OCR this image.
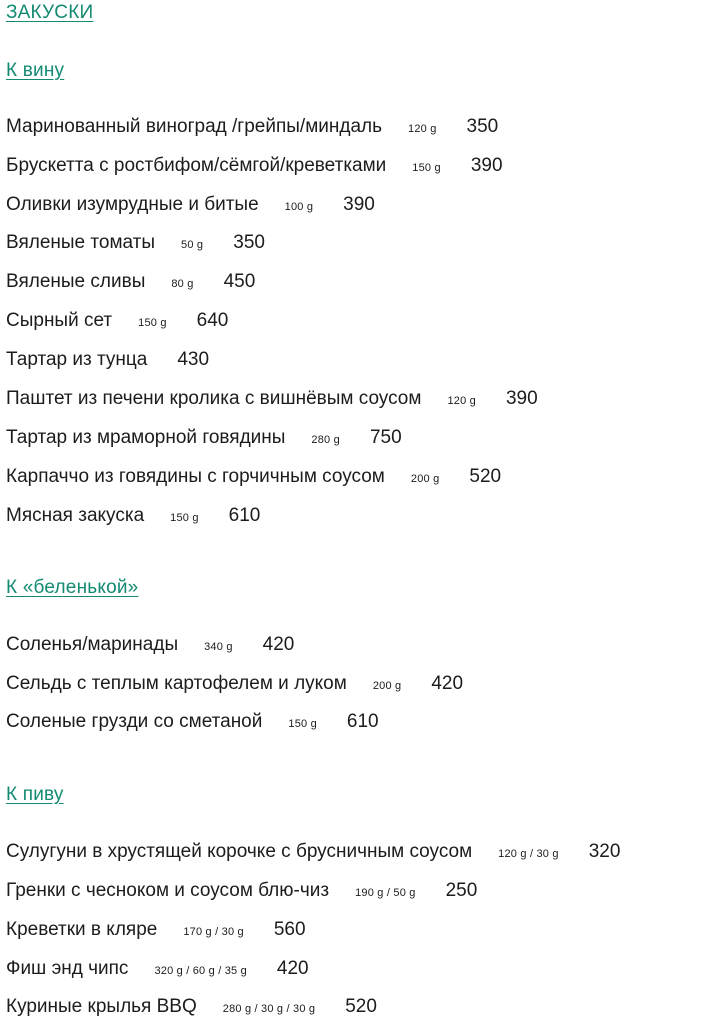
ЗАКУСКИ
К вину
Маринованный виноград /грейпы/миндаль 120 g 350
Брускетта с ростбифом/сёмгой/креветками 150 g 390
Оливки изумрудные и битые 100 g 390
Вяленые томаты 50 g 350
Вяленые сливы 80 g 450
Сырный сет 150 g 640
Тартар из тунца 430
Паштет из печени кролика с вишнёвым соусом 120 g 390
Тартар из мраморной говядины 280 g 750
Карпаччо из говядины с горчичным соусом 200 g 520
Мясная закуска 150 g 610
К «беленькой»
Соленья/маринады 340 g 420
Сельдь с теплым картофелем и луком 200 g 420
Соленые грузди со сметаной 150 g 610
К пиву
Сулугуни в хрустящей корочке с брусничным соусом 120 g / 30 g 320
Гренки с чесноком и соусом блю-чиз 190 g / 50 g 250
Креветки в кляре 170 g / 30 g 560
Фиш энд чипс 320 g / 60 g / 35 g 420
Куриные крылья BBQ 280 g / 30 g / 30 g 520
